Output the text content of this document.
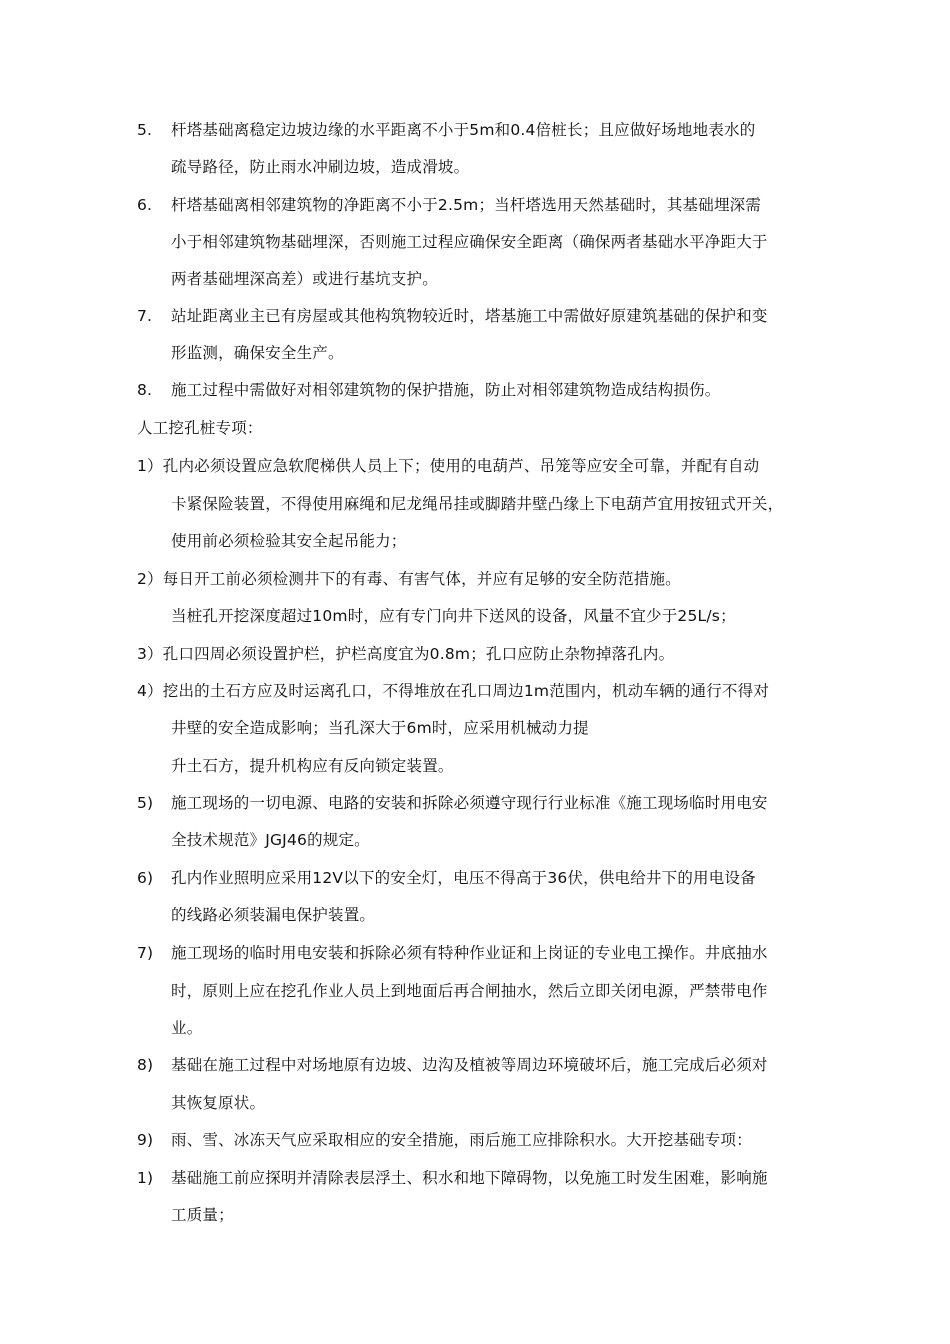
5. 杆塔基础离稳定边坡边缘的水平距离不小于5m和0.4倍桩长；且应做好场地地表水的
疏导路径，防止雨水冲刷边坡，造成滑坡。
6. 杆塔基础离相邻建筑物的净距离不小于2.5m；当杆塔选用天然基础时，其基础埋深需
小于相邻建筑物基础埋深，否则施工过程应确保安全距离（确保两者基础水平净距大于
两者基础埋深高差）或进行基坑支护。
7. 站址距离业主已有房屋或其他构筑物较近时，塔基施工中需做好原建筑基础的保护和变
形监测，确保安全生产。
8. 施工过程中需做好对相邻建筑物的保护措施，防止对相邻建筑物造成结构损伤。
人工挖孔桩专项：
1）孔内必须设置应急软爬梯供人员上下；使用的电葫芦、吊笼等应安全可靠，并配有自动
卡紧保险装置，不得使用麻绳和尼龙绳吊挂或脚踏井壁凸缘上下电葫芦宜用按钮式开关，
使用前必须检验其安全起吊能力；
2）每日开工前必须检测井下的有毒、有害气体，并应有足够的安全防范措施。
当桩孔开挖深度超过10m时，应有专门向井下送风的设备，风量不宜少于25L/s；
3）孔口四周必须设置护栏，护栏高度宜为0.8m；孔口应防止杂物掉落孔内。
4）挖出的土石方应及时运离孔口，不得堆放在孔口周边1m范围内，机动车辆的通行不得对
井壁的安全造成影响；当孔深大于6m时，应采用机械动力提
升土石方，提升机构应有反向锁定装置。
5) 施工现场的一切电源、电路的安装和拆除必须遵守现行行业标准《施工现场临时用电安
全技术规范》JGJ46的规定。
6) 孔内作业照明应采用12V以下的安全灯，电压不得高于36伏，供电给井下的用电设备
的线路必须装漏电保护装置。
7) 施工现场的临时用电安装和拆除必须有特种作业证和上岗证的专业电工操作。井底抽水
时，原则上应在挖孔作业人员上到地面后再合闸抽水，然后立即关闭电源，严禁带电作
业。
8) 基础在施工过程中对场地原有边坡、边沟及植被等周边环境破坏后，施工完成后必须对
其恢复原状。
9) 雨、雪、冰冻天气应采取相应的安全措施，雨后施工应排除积水。大开挖基础专项：
1) 基础施工前应探明并清除表层浮土、积水和地下障碍物，以免施工时发生困难，影响施
工质量；
